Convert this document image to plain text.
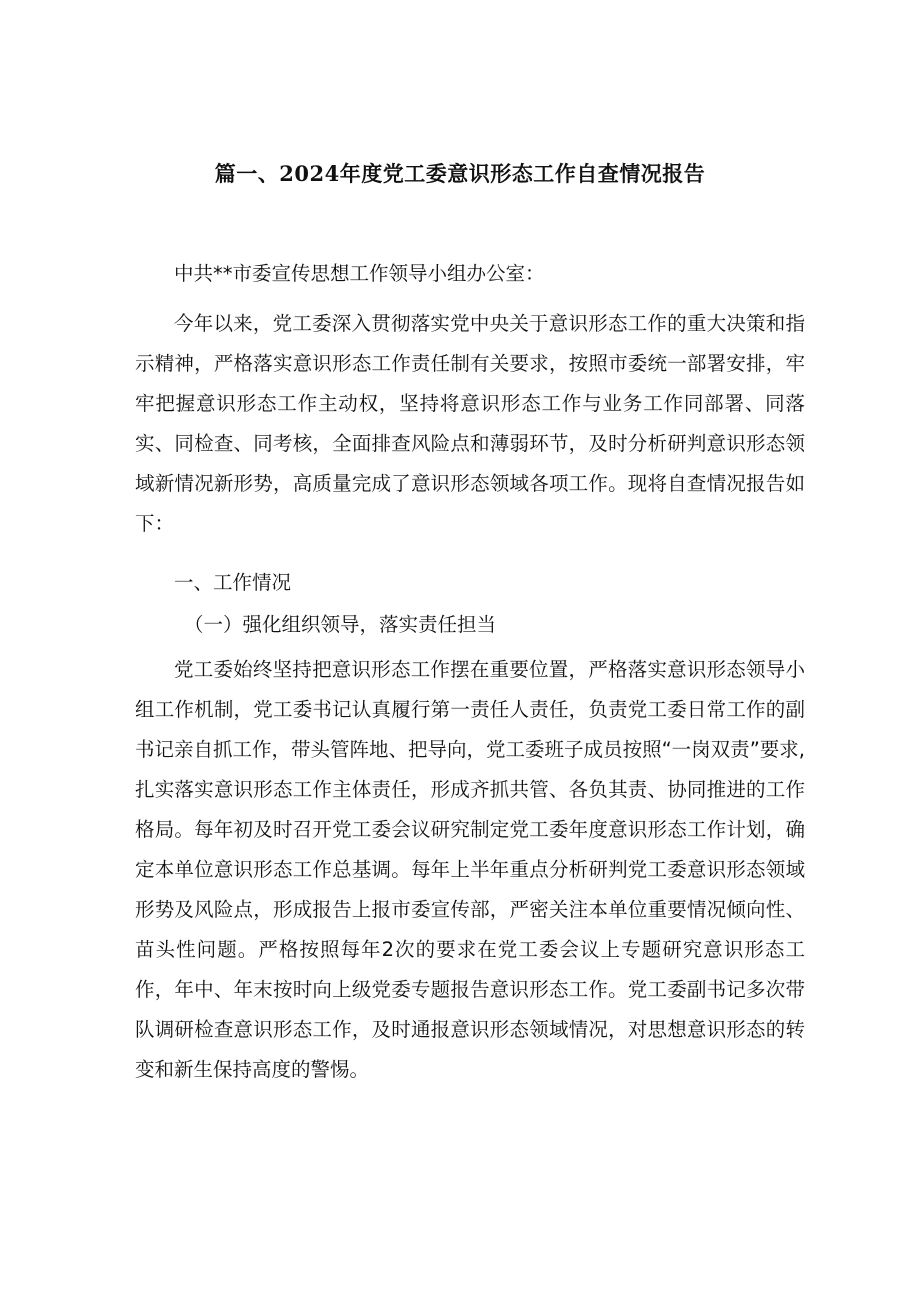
篇一、2024年度党工委意识形态工作自查情况报告
中共**市委宣传思想工作领导小组办公室：

今年以来，党工委深入贯彻落实党中央关于意识形态工作的重大决策和指示精神，严格落实意识形态工作责任制有关要求，按照市委统一部署安排，牢牢把握意识形态工作主动权，坚持将意识形态工作与业务工作同部署、同落实、同检查、同考核，全面排查风险点和薄弱环节，及时分析研判意识形态领域新情况新形势，高质量完成了意识形态领域各项工作。现将自查情况报告如下：

一、工作情况
（一）强化组织领导，落实责任担当

党工委始终坚持把意识形态工作摆在重要位置，严格落实意识形态领导小组工作机制，党工委书记认真履行第一责任人责任，负责党工委日常工作的副书记亲自抓工作，带头管阵地、把导向，党工委班子成员按照“一岗双责”要求,扎实落实意识形态工作主体责任，形成齐抓共管、各负其责、协同推进的工作格局。每年初及时召开党工委会议研究制定党工委年度意识形态工作计划，确定本单位意识形态工作总基调。每年上半年重点分析研判党工委意识形态领域形势及风险点，形成报告上报市委宣传部，严密关注本单位重要情况倾向性、苗头性问题。严格按照每年2次的要求在党工委会议上专题研究意识形态工作，年中、年末按时向上级党委专题报告意识形态工作。党工委副书记多次带队调研检查意识形态工作，及时通报意识形态领域情况，对思想意识形态的转变和新生保持高度的警惕。
